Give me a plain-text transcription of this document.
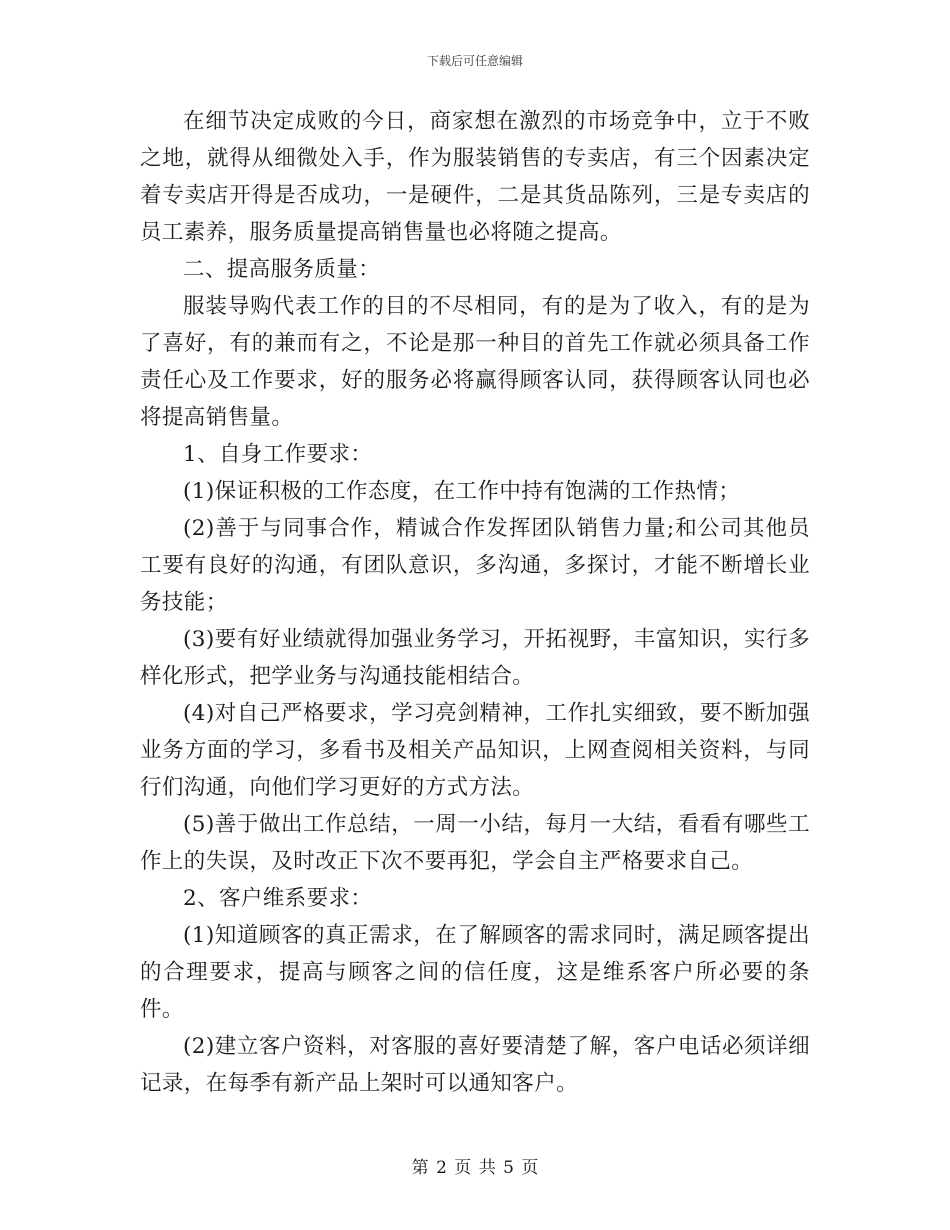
下载后可任意编辑

在细节决定成败的今日，商家想在激烈的市场竞争中，立于不败之地，就得从细微处入手，作为服装销售的专卖店，有三个因素决定着专卖店开得是否成功，一是硬件，二是其货品陈列，三是专卖店的员工素养，服务质量提高销售量也必将随之提高。

二、提高服务质量：

服装导购代表工作的目的不尽相同，有的是为了收入，有的是为了喜好，有的兼而有之，不论是那一种目的首先工作就必须具备工作责任心及工作要求，好的服务必将赢得顾客认同，获得顾客认同也必将提高销售量。

1、自身工作要求：

(1)保证积极的工作态度，在工作中持有饱满的工作热情；

(2)善于与同事合作，精诚合作发挥团队销售力量;和公司其他员工要有良好的沟通，有团队意识，多沟通，多探讨，才能不断增长业务技能；

(3)要有好业绩就得加强业务学习，开拓视野，丰富知识，实行多样化形式，把学业务与沟通技能相结合。

(4)对自己严格要求，学习亮剑精神，工作扎实细致，要不断加强业务方面的学习，多看书及相关产品知识，上网查阅相关资料，与同行们沟通，向他们学习更好的方式方法。

(5)善于做出工作总结，一周一小结，每月一大结，看看有哪些工作上的失误，及时改正下次不要再犯，学会自主严格要求自己。

2、客户维系要求：

(1)知道顾客的真正需求，在了解顾客的需求同时，满足顾客提出的合理要求，提高与顾客之间的信任度，这是维系客户所必要的条件。

(2)建立客户资料，对客服的喜好要清楚了解，客户电话必须详细记录，在每季有新产品上架时可以通知客户。

第 2 页 共 5 页
